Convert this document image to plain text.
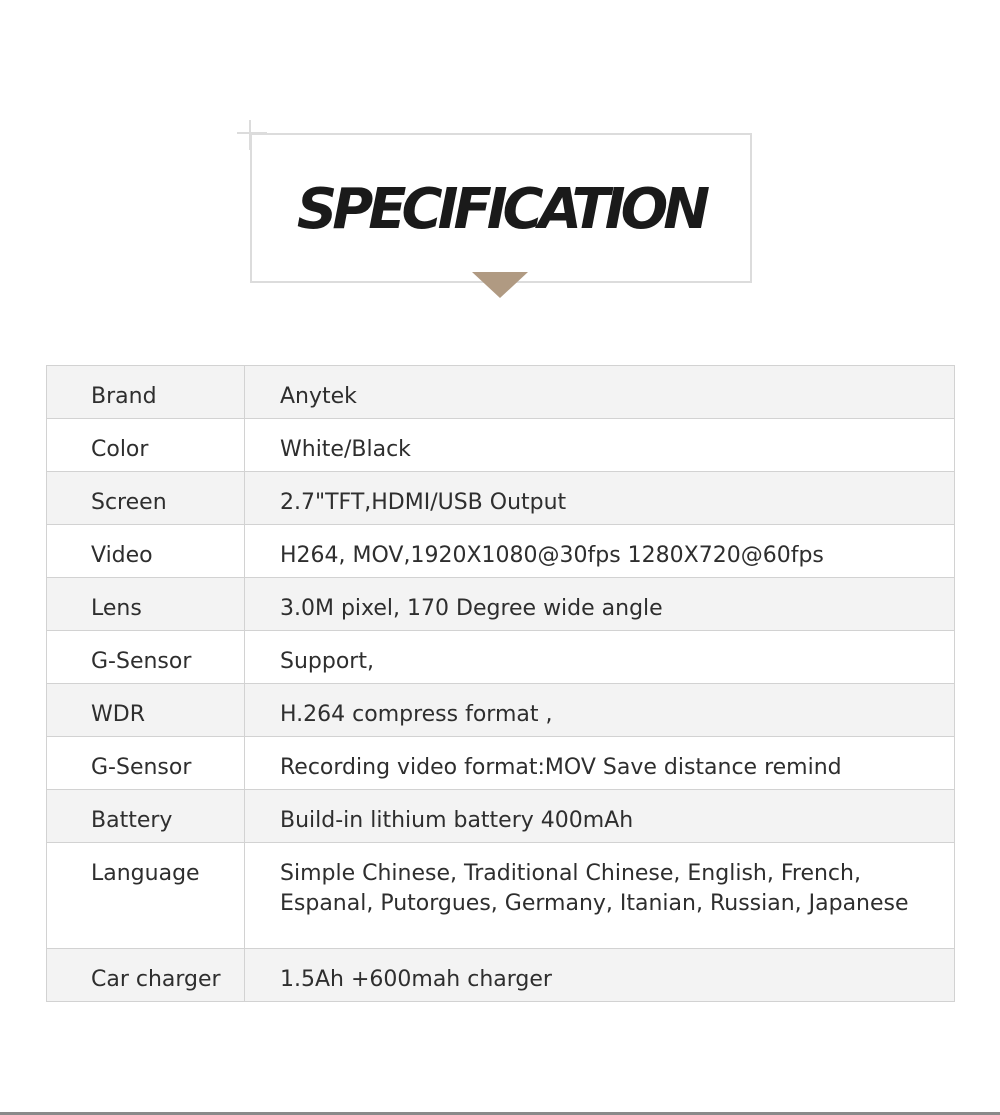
SPECIFICATION
Brand	Anytek

Color	White/Black

Screen	2.7"TFT,HDMI/USB Output

Video	H264, MOV,1920X1080@30fps 1280X720@60fps

Lens	3.0M pixel, 170 Degree wide angle

G-Sensor	Support,

WDR	H.264 compress format ,

G-Sensor	Recording video format:MOV Save distance remind

Battery	Build-in lithium battery 400mAh

Language	Simple Chinese, Traditional Chinese, English, French,
Espanal, Putorgues, Germany, Itanian, Russian, Japanese

Car charger	1.5Ah +600mah charger
